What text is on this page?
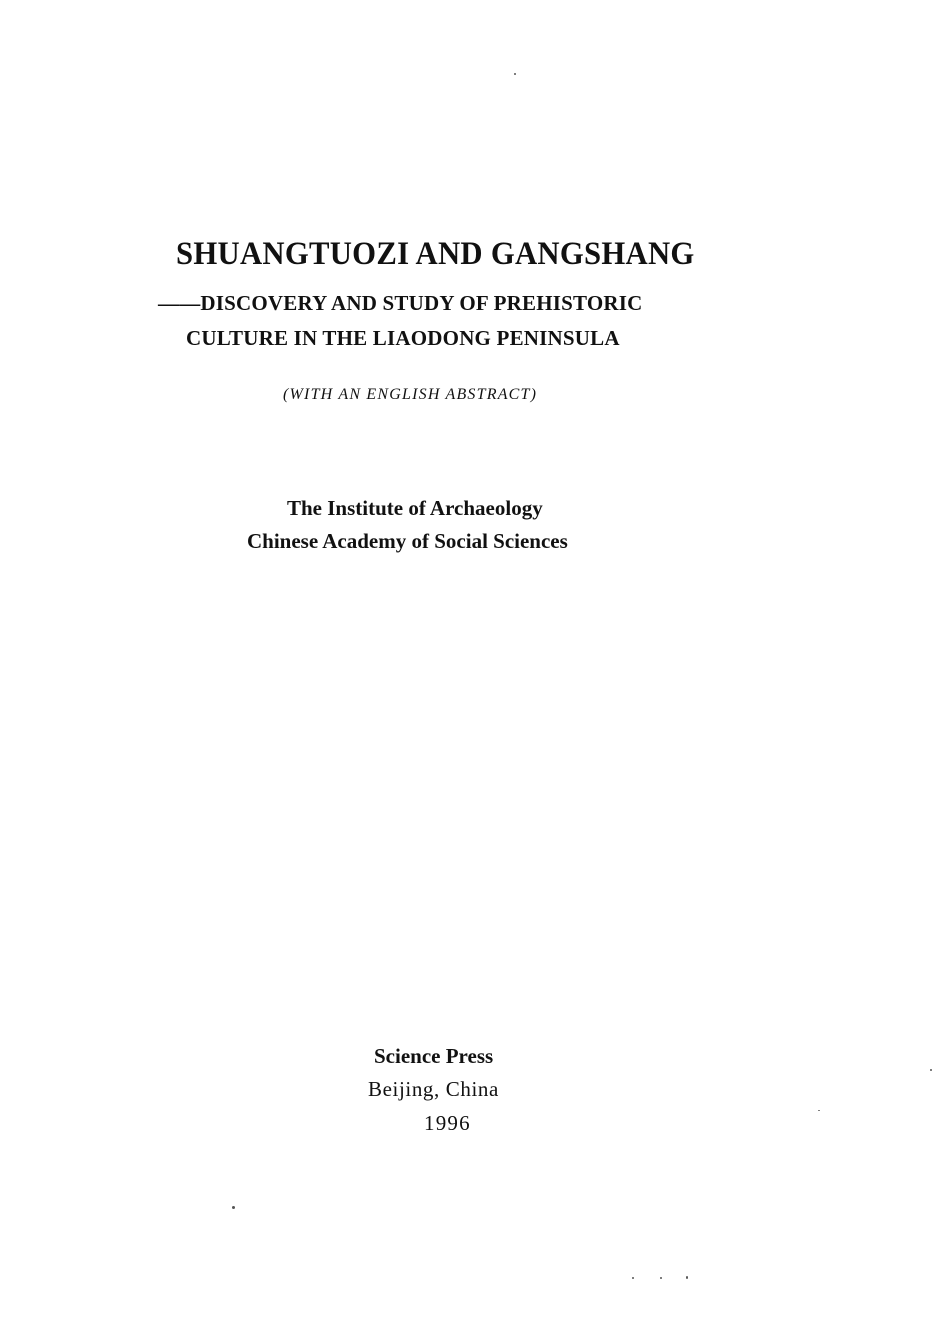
SHUANGTUOZI AND GANGSHANG
——DISCOVERY AND STUDY OF PREHISTORIC
CULTURE IN THE LIAODONG PENINSULA
(WITH AN ENGLISH ABSTRACT)
The Institute of Archaeology
Chinese Academy of Social Sciences
Science Press
Beijing, China
1996
